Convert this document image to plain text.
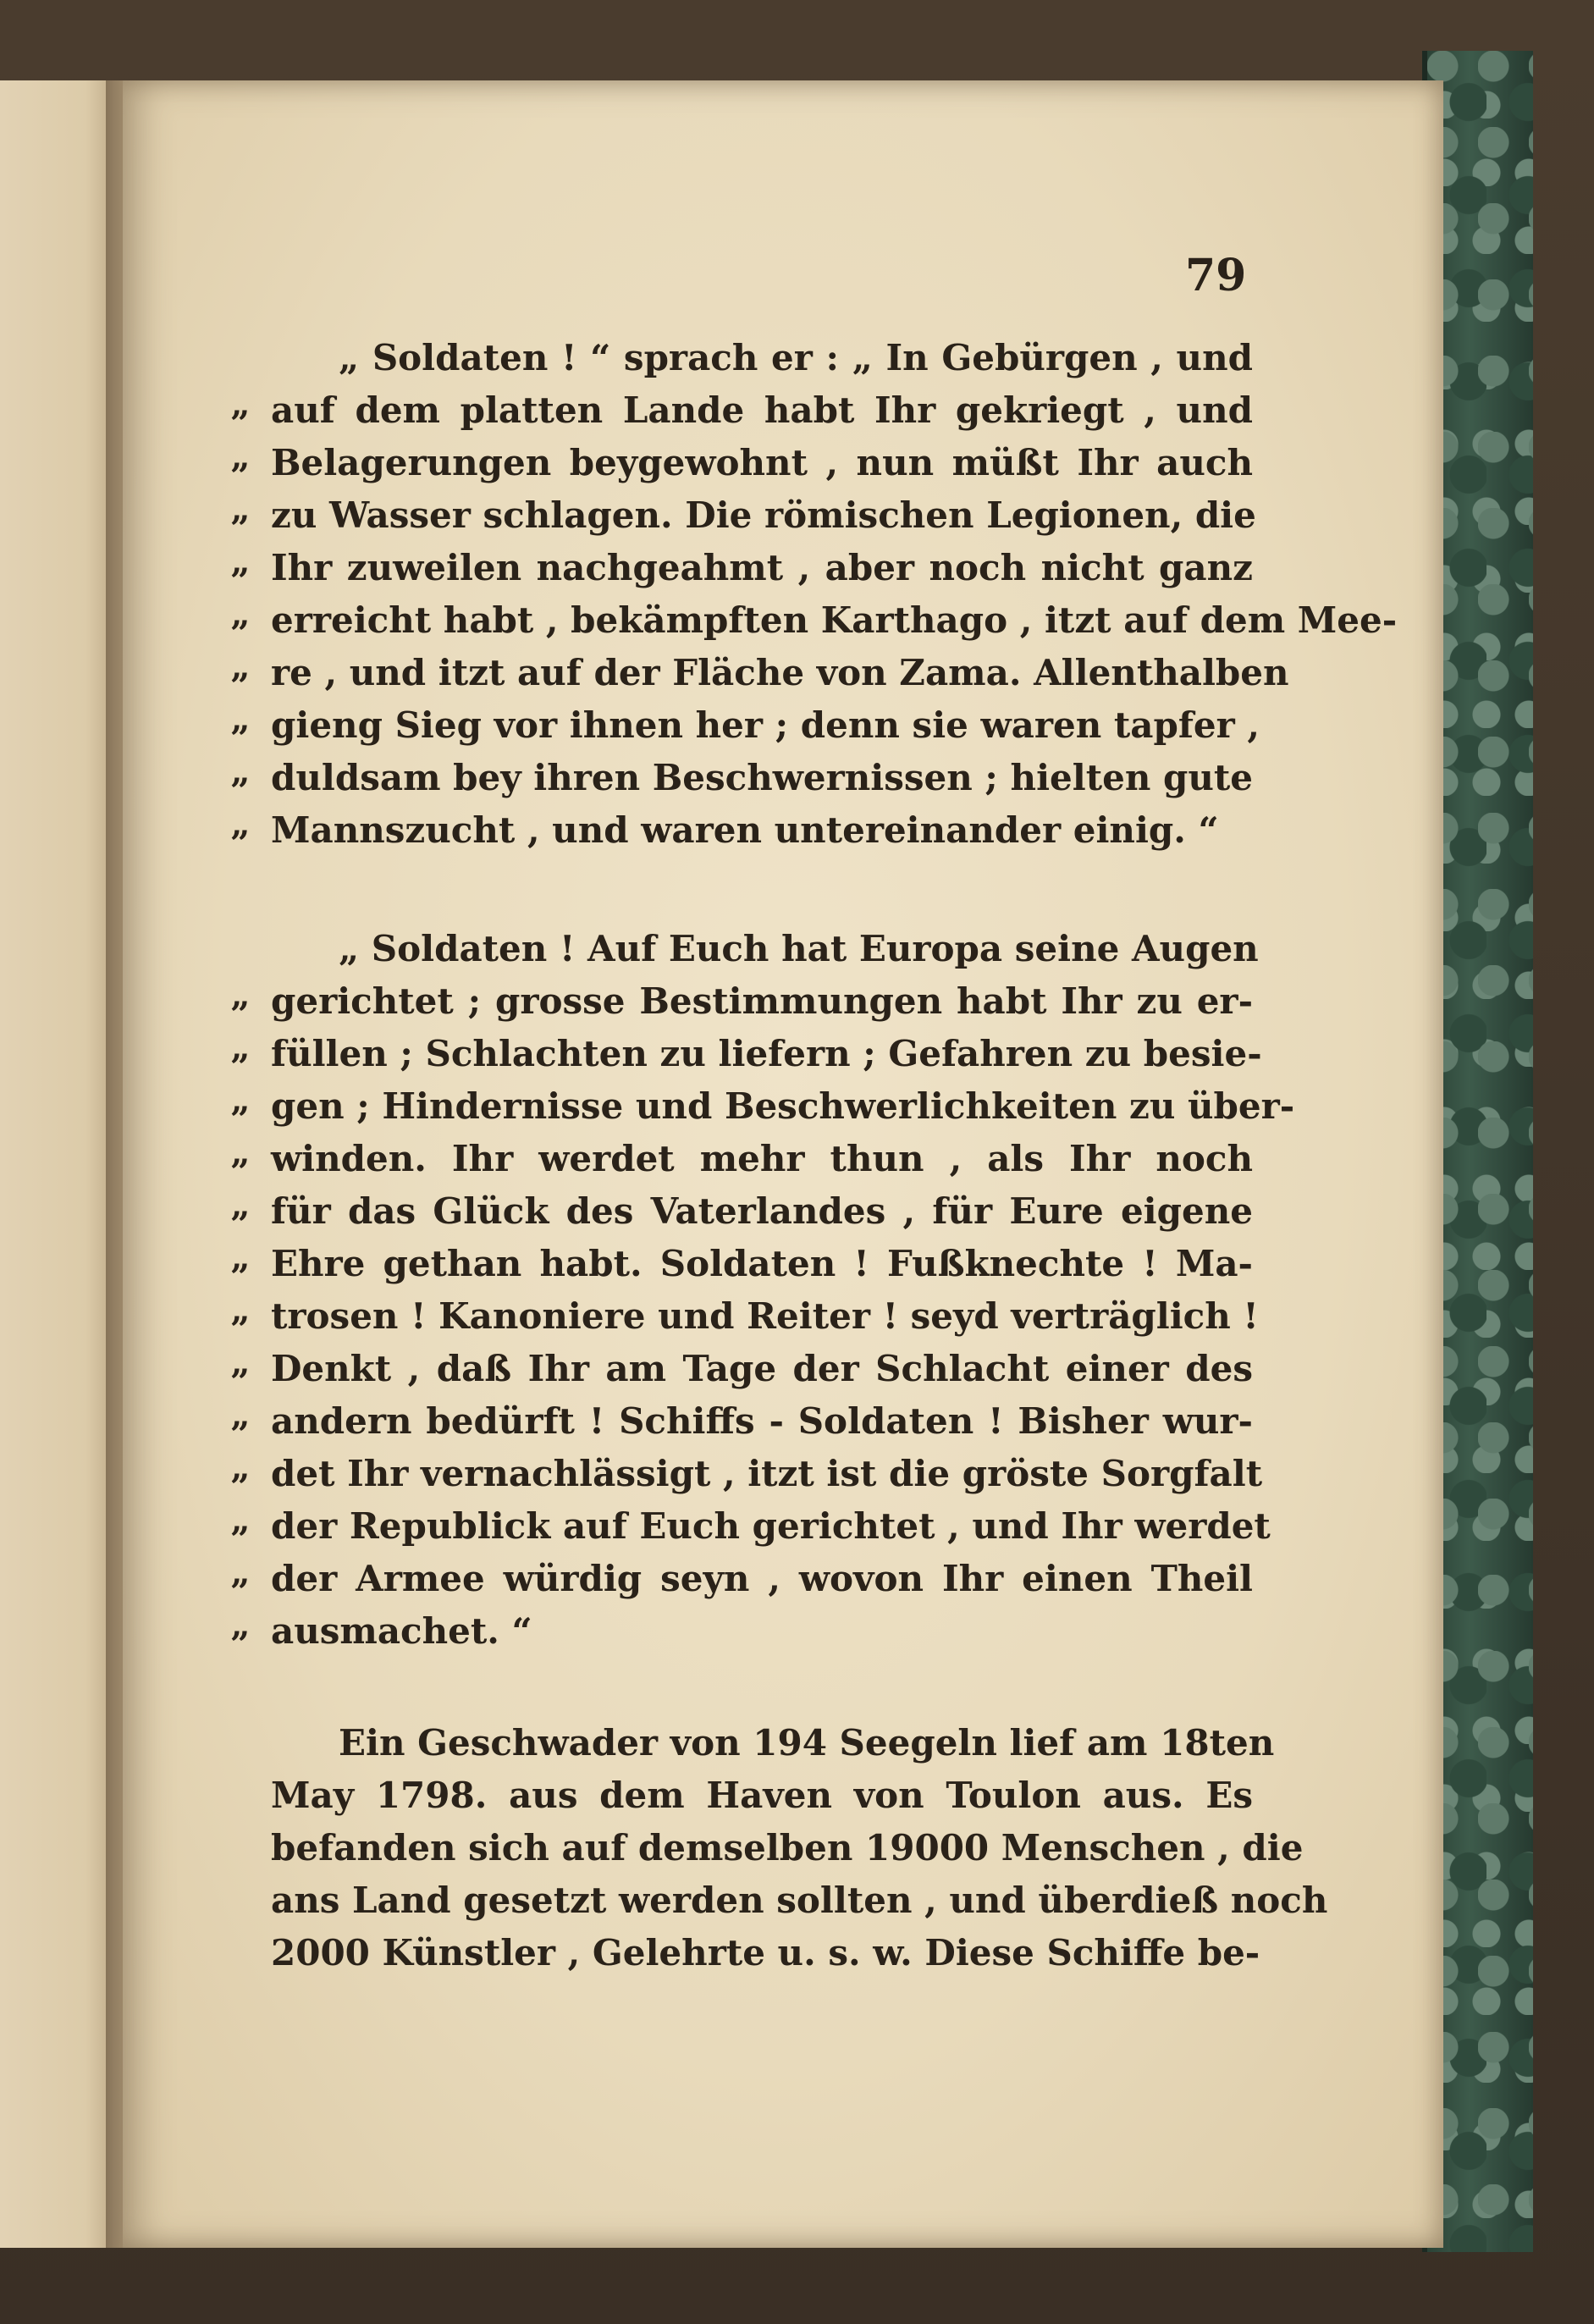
79
„ Soldaten ! “ sprach er : „ In Gebürgen , und
„ auf dem platten Lande habt Ihr gekriegt , und
„ Belagerungen beygewohnt , nun müßt Ihr auch
„ zu Wasser schlagen. Die römischen Legionen, die
„ Ihr zuweilen nachgeahmt , aber noch nicht ganz
„ erreicht habt , bekämpften Karthago , itzt auf dem Mee-
„ re , und itzt auf der Fläche von Zama. Allenthalben
„ gieng Sieg vor ihnen her ; denn sie waren tapfer ,
„ duldsam bey ihren Beschwernissen ; hielten gute
„ Mannszucht , und waren untereinander einig. “
„ Soldaten ! Auf Euch hat Europa seine Augen
„ gerichtet ; grosse Bestimmungen habt Ihr zu er-
„ füllen ; Schlachten zu liefern ; Gefahren zu besie-
„ gen ; Hindernisse und Beschwerlichkeiten zu über-
„ winden. Ihr werdet mehr thun , als Ihr noch
„ für das Glück des Vaterlandes , für Eure eigene
„ Ehre gethan habt. Soldaten ! Fußknechte ! Ma-
„ trosen ! Kanoniere und Reiter ! seyd verträglich !
„ Denkt , daß Ihr am Tage der Schlacht einer des
„ andern bedürft ! Schiffs - Soldaten ! Bisher wur-
„ det Ihr vernachlässigt , itzt ist die gröste Sorgfalt
„ der Republick auf Euch gerichtet , und Ihr werdet
„ der Armee würdig seyn , wovon Ihr einen Theil
„ ausmachet. “
Ein Geschwader von 194 Seegeln lief am 18ten
May 1798. aus dem Haven von Toulon aus. Es
befanden sich auf demselben 19000 Menschen , die
ans Land gesetzt werden sollten , und überdieß noch
2000 Künstler , Gelehrte u. s. w. Diese Schiffe be-
